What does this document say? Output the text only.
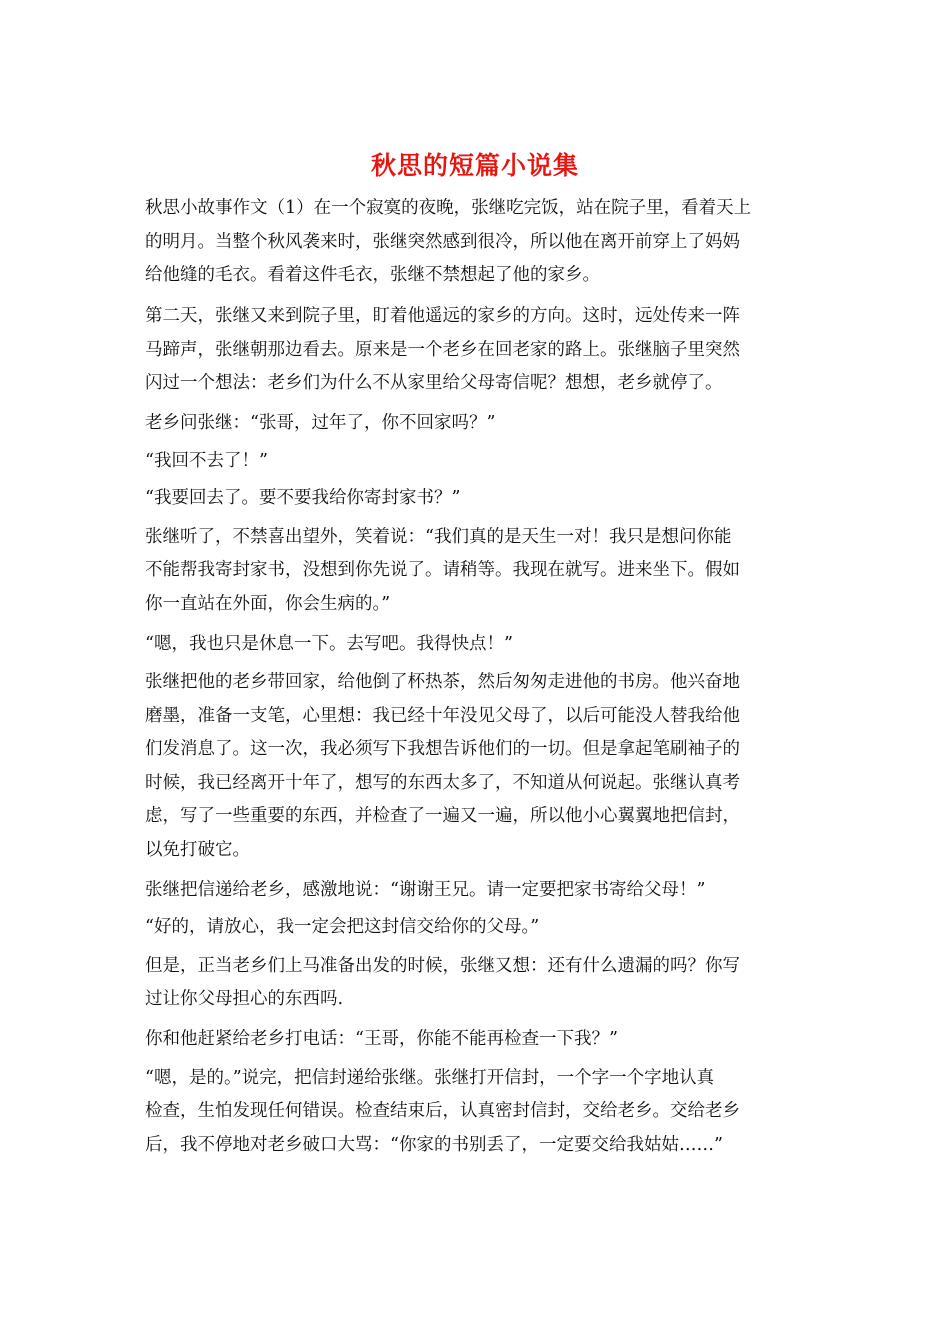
秋思的短篇小说集

秋思小故事作文（1）在一个寂寞的夜晚，张继吃完饭，站在院子里，看着天上
的明月。当整个秋风袭来时，张继突然感到很冷，所以他在离开前穿上了妈妈
给他缝的毛衣。看着这件毛衣，张继不禁想起了他的家乡。

第二天，张继又来到院子里，盯着他遥远的家乡的方向。这时，远处传来一阵
马蹄声，张继朝那边看去。原来是一个老乡在回老家的路上。张继脑子里突然
闪过一个想法：老乡们为什么不从家里给父母寄信呢？想想，老乡就停了。

老乡问张继：“张哥，过年了，你不回家吗？”

“我回不去了！”

“我要回去了。要不要我给你寄封家书？”

张继听了，不禁喜出望外，笑着说：“我们真的是天生一对！我只是想问你能
不能帮我寄封家书，没想到你先说了。请稍等。我现在就写。进来坐下。假如
你一直站在外面，你会生病的。”

“嗯，我也只是休息一下。去写吧。我得快点！”

张继把他的老乡带回家，给他倒了杯热茶，然后匆匆走进他的书房。他兴奋地
磨墨，准备一支笔，心里想：我已经十年没见父母了，以后可能没人替我给他
们发消息了。这一次，我必须写下我想告诉他们的一切。但是拿起笔刷袖子的
时候，我已经离开十年了，想写的东西太多了，不知道从何说起。张继认真考
虑，写了一些重要的东西，并检查了一遍又一遍，所以他小心翼翼地把信封，
以免打破它。

张继把信递给老乡，感激地说：“谢谢王兄。请一定要把家书寄给父母！”

“好的，请放心，我一定会把这封信交给你的父母。”

但是，正当老乡们上马准备出发的时候，张继又想：还有什么遗漏的吗？你写
过让你父母担心的东西吗.

你和他赶紧给老乡打电话：“王哥，你能不能再检查一下我？”

“嗯，是的。”说完，把信封递给张继。张继打开信封，一个字一个字地认真
检查，生怕发现任何错误。检查结束后，认真密封信封，交给老乡。交给老乡
后，我不停地对老乡破口大骂：“你家的书别丢了，一定要交给我姑姑……”
